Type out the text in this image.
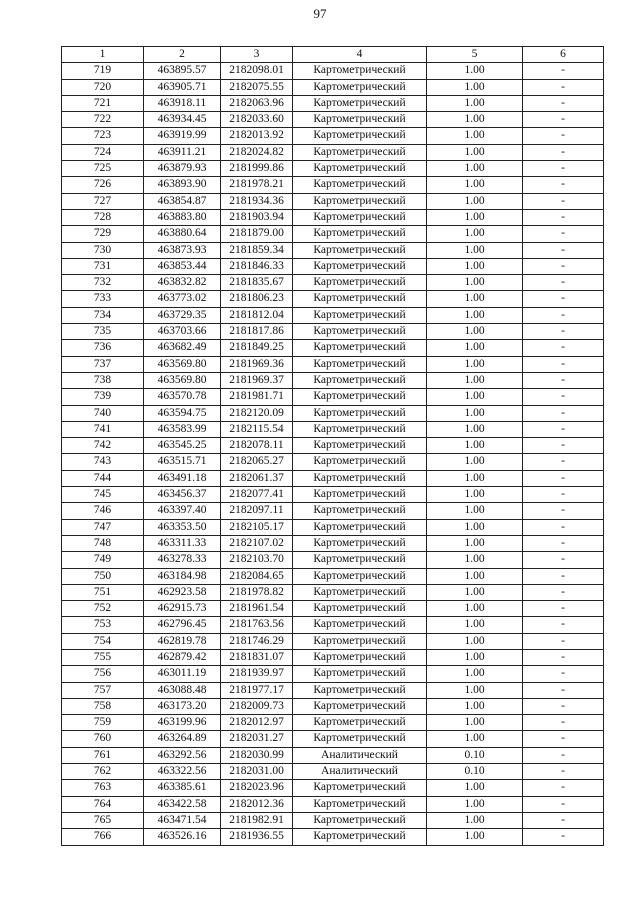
97
1	2	3	4	5	6
719	463895.57	2182098.01	Картометрический	1.00	-
720	463905.71	2182075.55	Картометрический	1.00	-
721	463918.11	2182063.96	Картометрический	1.00	-
722	463934.45	2182033.60	Картометрический	1.00	-
723	463919.99	2182013.92	Картометрический	1.00	-
724	463911.21	2182024.82	Картометрический	1.00	-
725	463879.93	2181999.86	Картометрический	1.00	-
726	463893.90	2181978.21	Картометрический	1.00	-
727	463854.87	2181934.36	Картометрический	1.00	-
728	463883.80	2181903.94	Картометрический	1.00	-
729	463880.64	2181879.00	Картометрический	1.00	-
730	463873.93	2181859.34	Картометрический	1.00	-
731	463853.44	2181846.33	Картометрический	1.00	-
732	463832.82	2181835.67	Картометрический	1.00	-
733	463773.02	2181806.23	Картометрический	1.00	-
734	463729.35	2181812.04	Картометрический	1.00	-
735	463703.66	2181817.86	Картометрический	1.00	-
736	463682.49	2181849.25	Картометрический	1.00	-
737	463569.80	2181969.36	Картометрический	1.00	-
738	463569.80	2181969.37	Картометрический	1.00	-
739	463570.78	2181981.71	Картометрический	1.00	-
740	463594.75	2182120.09	Картометрический	1.00	-
741	463583.99	2182115.54	Картометрический	1.00	-
742	463545.25	2182078.11	Картометрический	1.00	-
743	463515.71	2182065.27	Картометрический	1.00	-
744	463491.18	2182061.37	Картометрический	1.00	-
745	463456.37	2182077.41	Картометрический	1.00	-
746	463397.40	2182097.11	Картометрический	1.00	-
747	463353.50	2182105.17	Картометрический	1.00	-
748	463311.33	2182107.02	Картометрический	1.00	-
749	463278.33	2182103.70	Картометрический	1.00	-
750	463184.98	2182084.65	Картометрический	1.00	-
751	462923.58	2181978.82	Картометрический	1.00	-
752	462915.73	2181961.54	Картометрический	1.00	-
753	462796.45	2181763.56	Картометрический	1.00	-
754	462819.78	2181746.29	Картометрический	1.00	-
755	462879.42	2181831.07	Картометрический	1.00	-
756	463011.19	2181939.97	Картометрический	1.00	-
757	463088.48	2181977.17	Картометрический	1.00	-
758	463173.20	2182009.73	Картометрический	1.00	-
759	463199.96	2182012.97	Картометрический	1.00	-
760	463264.89	2182031.27	Картометрический	1.00	-
761	463292.56	2182030.99	Аналитический	0.10	-
762	463322.56	2182031.00	Аналитический	0.10	-
763	463385.61	2182023.96	Картометрический	1.00	-
764	463422.58	2182012.36	Картометрический	1.00	-
765	463471.54	2181982.91	Картометрический	1.00	-
766	463526.16	2181936.55	Картометрический	1.00	-
